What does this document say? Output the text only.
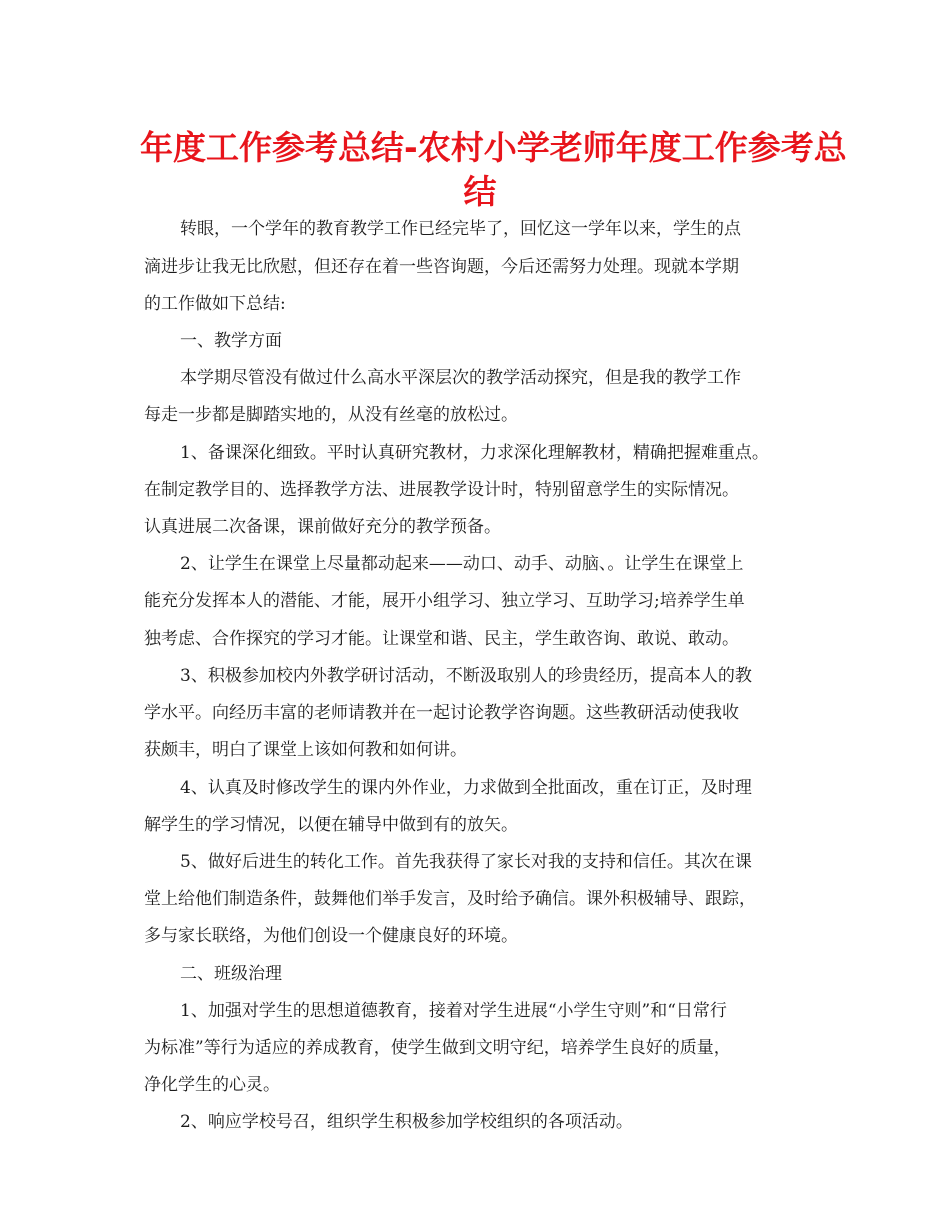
年度工作参考总结-农村小学老师年度工作参考总
结
转眼，一个学年的教育教学工作已经完毕了，回忆这一学年以来，学生的点
滴进步让我无比欣慰，但还存在着一些咨询题，今后还需努力处理。现就本学期
的工作做如下总结:
一、教学方面
本学期尽管没有做过什么高水平深层次的教学活动探究，但是我的教学工作
每走一步都是脚踏实地的，从没有丝毫的放松过。
1、备课深化细致。平时认真研究教材，力求深化理解教材，精确把握难重点。
在制定教学目的、选择教学方法、进展教学设计时，特别留意学生的实际情况。
认真进展二次备课，课前做好充分的教学预备。
2、让学生在课堂上尽量都动起来——动口、动手、动脑、。让学生在课堂上
能充分发挥本人的潜能、才能，展开小组学习、独立学习、互助学习;培养学生单
独考虑、合作探究的学习才能。让课堂和谐、民主，学生敢咨询、敢说、敢动。
3、积极参加校内外教学研讨活动，不断汲取别人的珍贵经历，提高本人的教
学水平。向经历丰富的老师请教并在一起讨论教学咨询题。这些教研活动使我收
获颇丰，明白了课堂上该如何教和如何讲。
4、认真及时修改学生的课内外作业，力求做到全批面改，重在订正，及时理
解学生的学习情况，以便在辅导中做到有的放矢。
5、做好后进生的转化工作。首先我获得了家长对我的支持和信任。其次在课
堂上给他们制造条件，鼓舞他们举手发言，及时给予确信。课外积极辅导、跟踪，
多与家长联络，为他们创设一个健康良好的环境。
二、班级治理
1、加强对学生的思想道德教育，接着对学生进展“小学生守则”和“日常行
为标准”等行为适应的养成教育，使学生做到文明守纪，培养学生良好的质量，
净化学生的心灵。
2、响应学校号召，组织学生积极参加学校组织的各项活动。
